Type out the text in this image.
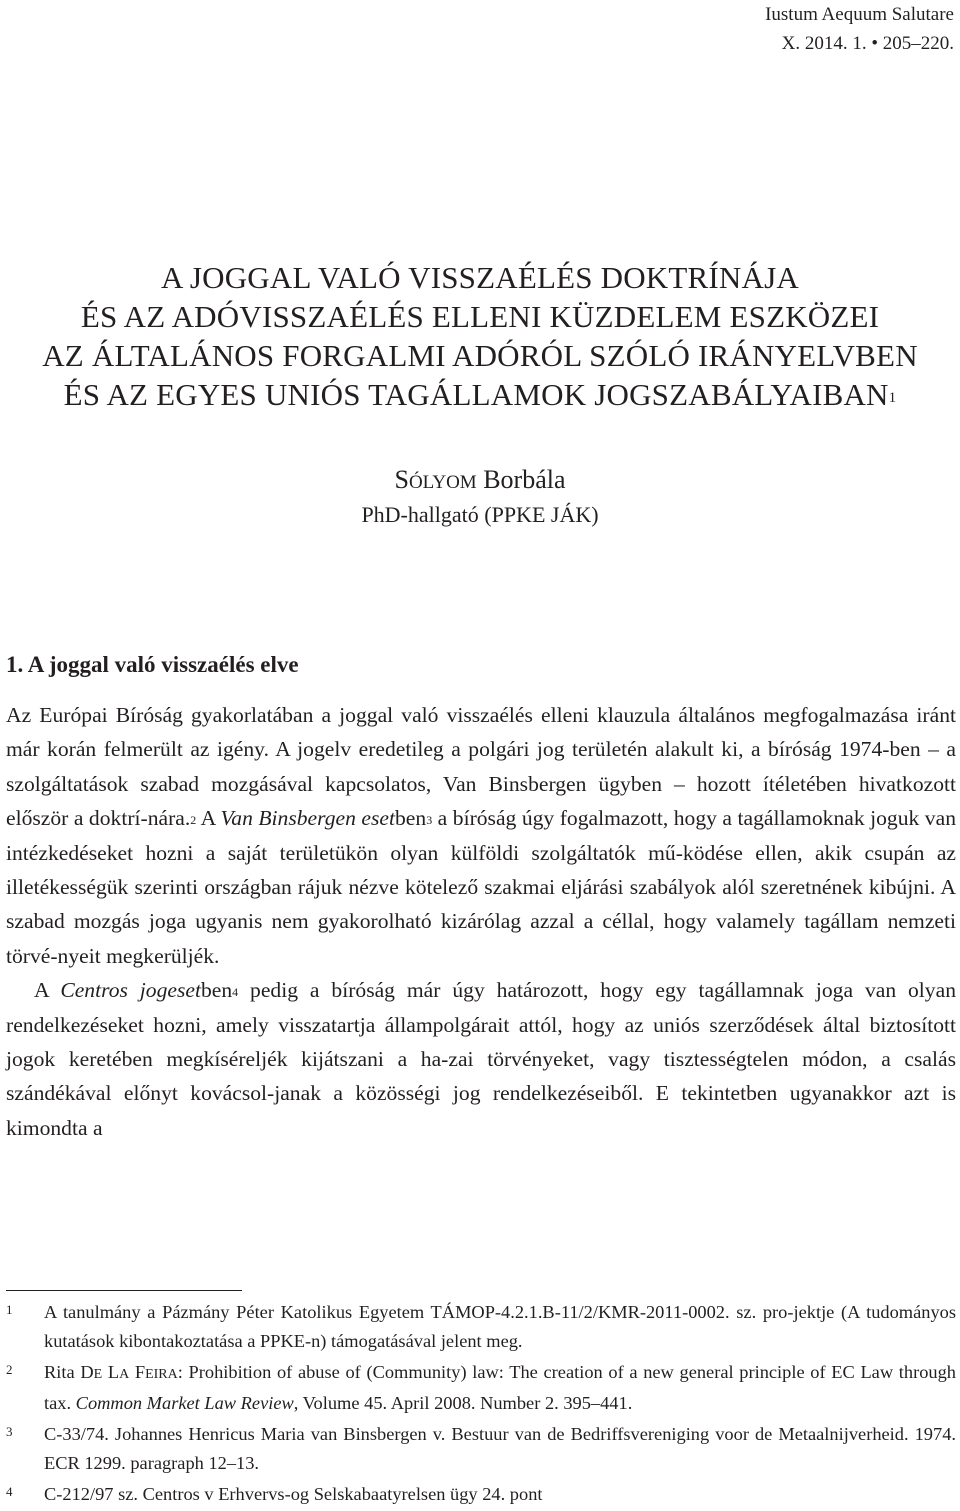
Iustum Aequum Salutare
X. 2014. 1. • 205–220.
A JOGGAL VALÓ VISSZAÉLÉS DOKTRÍNÁJA
ÉS AZ ADÓVISSZAÉLÉS ELLENI KÜZDELEM ESZKÖZEI
AZ ÁLTALÁNOS FORGALMI ADÓRÓL SZÓLÓ IRÁNYELVBEN
ÉS AZ EGYES UNIÓS TAGÁLLAMOK JOGSZABÁLYAIBAN$^1$
SÓLYOM Borbála
PhD-hallgató (PPKE JÁK)
1. A joggal való visszaélés elve

Az Európai Bíróság gyakorlatában a joggal való visszaélés elleni klauzula általános megfogalmazása iránt már korán felmerült az igény. A jogelv eredetileg a polgári jog területén alakult ki, a bíróság 1974-ben – a szolgáltatások szabad mozgásával kapcsolatos, Van Binsbergen ügyben – hozott ítéletében hivatkozott először a doktrí-nára.$^2$ A Van Binsbergen esetben$^3$ a bíróság úgy fogalmazott, hogy a tagállamoknak joguk van intézkedéseket hozni a saját területükön olyan külföldi szolgáltatók mű-ködése ellen, akik csupán az illetékességük szerinti országban rájuk nézve kötelező szakmai eljárási szabályok alól szeretnének kibújni. A szabad mozgás joga ugyanis nem gyakorolható kizárólag azzal a céllal, hogy valamely tagállam nemzeti törvé-nyeit megkerüljék.

A Centros jogesetben$^4$ pedig a bíróság már úgy határozott, hogy egy tagállamnak joga van olyan rendelkezéseket hozni, amely visszatartja állampolgárait attól, hogy az uniós szerződések által biztosított jogok keretében megkíséreljék kijátszani a ha-zai törvényeket, vagy tisztességtelen módon, a csalás szándékával előnyt kovácsol-janak a közösségi jog rendelkezéseiből. E tekintetben ugyanakkor azt is kimondta a

1 A tanulmány a Pázmány Péter Katolikus Egyetem TÁMOP-4.2.1.B-11/2/KMR-2011-0002. sz. pro-jektje (A tudományos kutatások kibontakoztatása a PPKE-n) támogatásával jelent meg.
2 Rita DE LA FEIRA: Prohibition of abuse of (Community) law: The creation of a new general principle of EC Law through tax. Common Market Law Review, Volume 45. April 2008. Number 2. 395–441.
3 C-33/74. Johannes Henricus Maria van Binsbergen v. Bestuur van de Bedriffsvereniging voor de Metaalnijverheid. 1974. ECR 1299. paragraph 12–13.
4 C-212/97 sz. Centros v Erhvervs-og Selskabaatyrelsen ügy 24. pont
